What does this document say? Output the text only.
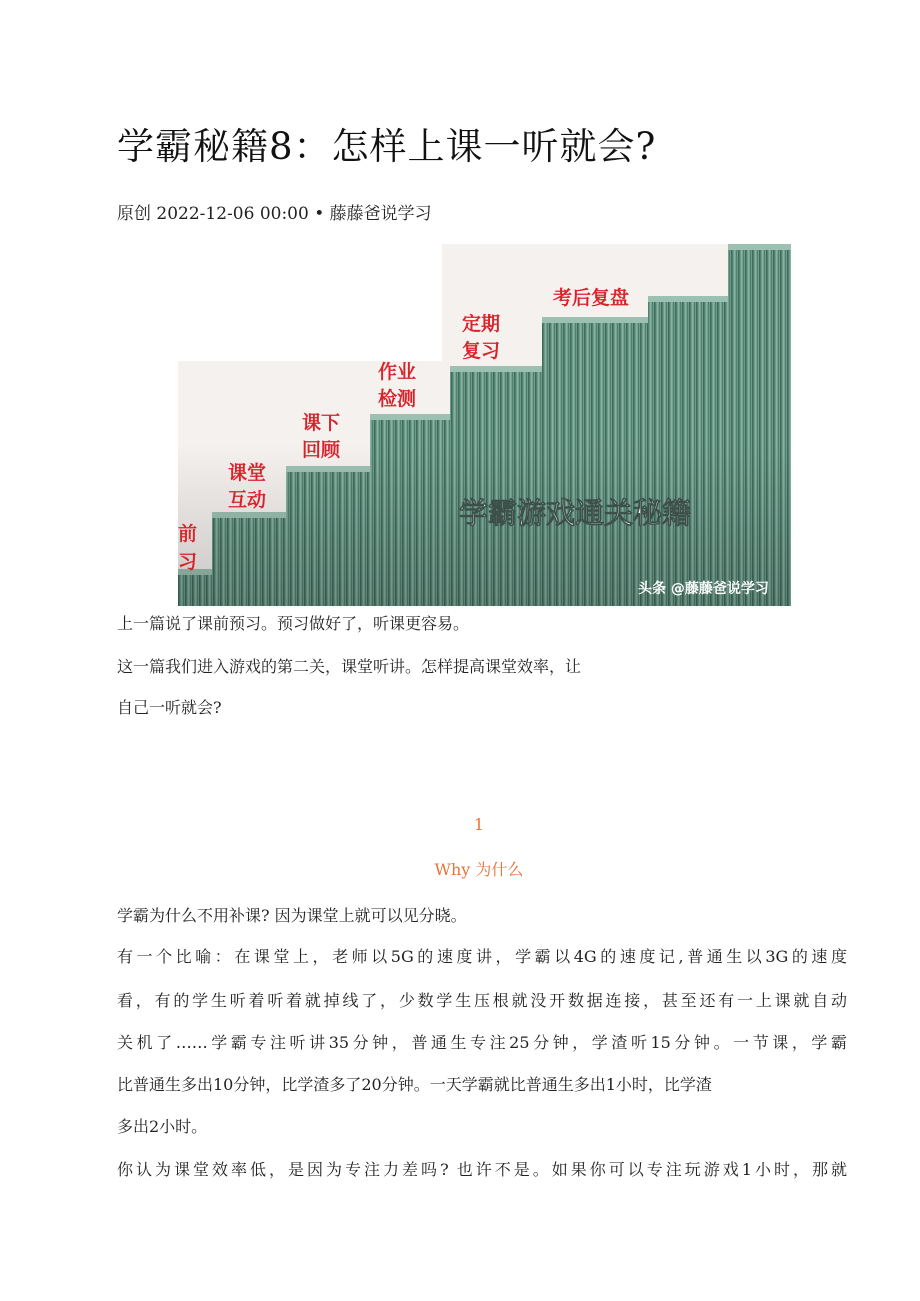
学霸秘籍8：怎样上课一听就会?
原创 2022-12-06 00:00 • 藤藤爸说学习
前
习
课堂
互动
课下
回顾
作业
检测
定期
复习
考后复盘
学霸游戏通关秘籍
头条 @藤藤爸说学习

上一篇说了课前预习。预习做好了，听课更容易。

这一篇我们进入游戏的第二关，课堂听讲。怎样提高课堂效率，让

自己一听就会?

1

Why 为什么

学霸为什么不用补课? 因为课堂上就可以见分晓。

有一个比喻：在课堂上，老师以5G的速度讲，学霸以4G的速度记,普通生以3G的速度

看，有的学生听着听着就掉线了，少数学生压根就没开数据连接，甚至还有一上课就自动

关机了……学霸专注听讲35分钟，普通生专注25分钟，学渣听15分钟。一节课，学霸

比普通生多出10分钟，比学渣多了20分钟。一天学霸就比普通生多出1小时，比学渣

多出2小时。

你认为课堂效率低，是因为专注力差吗? 也许不是。如果你可以专注玩游戏1小时，那就
